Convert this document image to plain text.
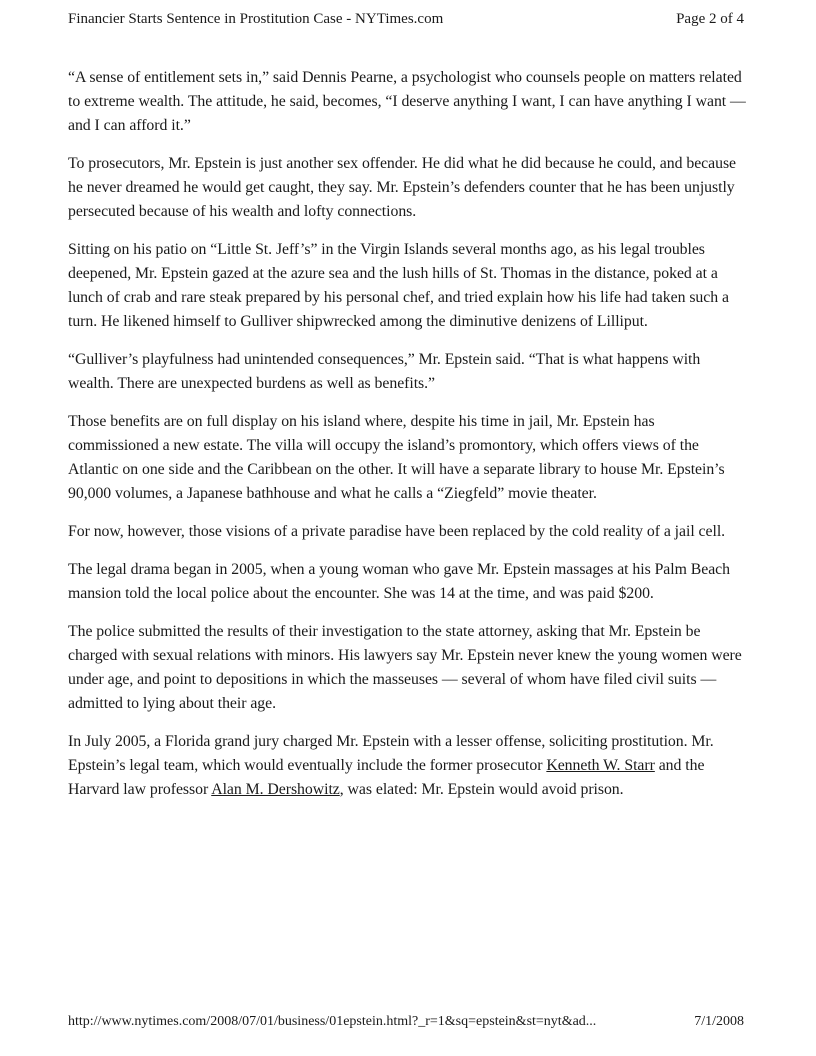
Financier Starts Sentence in Prostitution Case - NYTimes.com	Page 2 of 4

“A sense of entitlement sets in,” said Dennis Pearne, a psychologist who counsels people on matters related to extreme wealth. The attitude, he said, becomes, “I deserve anything I want, I can have anything I want — and I can afford it.”

To prosecutors, Mr. Epstein is just another sex offender. He did what he did because he could, and because he never dreamed he would get caught, they say. Mr. Epstein’s defenders counter that he has been unjustly persecuted because of his wealth and lofty connections.

Sitting on his patio on “Little St. Jeff’s” in the Virgin Islands several months ago, as his legal troubles deepened, Mr. Epstein gazed at the azure sea and the lush hills of St. Thomas in the distance, poked at a lunch of crab and rare steak prepared by his personal chef, and tried explain how his life had taken such a turn. He likened himself to Gulliver shipwrecked among the diminutive denizens of Lilliput.

“Gulliver’s playfulness had unintended consequences,” Mr. Epstein said. “That is what happens with wealth. There are unexpected burdens as well as benefits.”

Those benefits are on full display on his island where, despite his time in jail, Mr. Epstein has commissioned a new estate. The villa will occupy the island’s promontory, which offers views of the Atlantic on one side and the Caribbean on the other. It will have a separate library to house Mr. Epstein’s 90,000 volumes, a Japanese bathhouse and what he calls a “Ziegfeld” movie theater.

For now, however, those visions of a private paradise have been replaced by the cold reality of a jail cell.

The legal drama began in 2005, when a young woman who gave Mr. Epstein massages at his Palm Beach mansion told the local police about the encounter. She was 14 at the time, and was paid $200.

The police submitted the results of their investigation to the state attorney, asking that Mr. Epstein be charged with sexual relations with minors. His lawyers say Mr. Epstein never knew the young women were under age, and point to depositions in which the masseuses — several of whom have filed civil suits — admitted to lying about their age.

In July 2005, a Florida grand jury charged Mr. Epstein with a lesser offense, soliciting prostitution. Mr. Epstein’s legal team, which would eventually include the former prosecutor Kenneth W. Starr and the Harvard law professor Alan M. Dershowitz, was elated: Mr. Epstein would avoid prison.

http://www.nytimes.com/2008/07/01/business/01epstein.html?_r=1&sq=epstein&st=nyt&ad...	7/1/2008
